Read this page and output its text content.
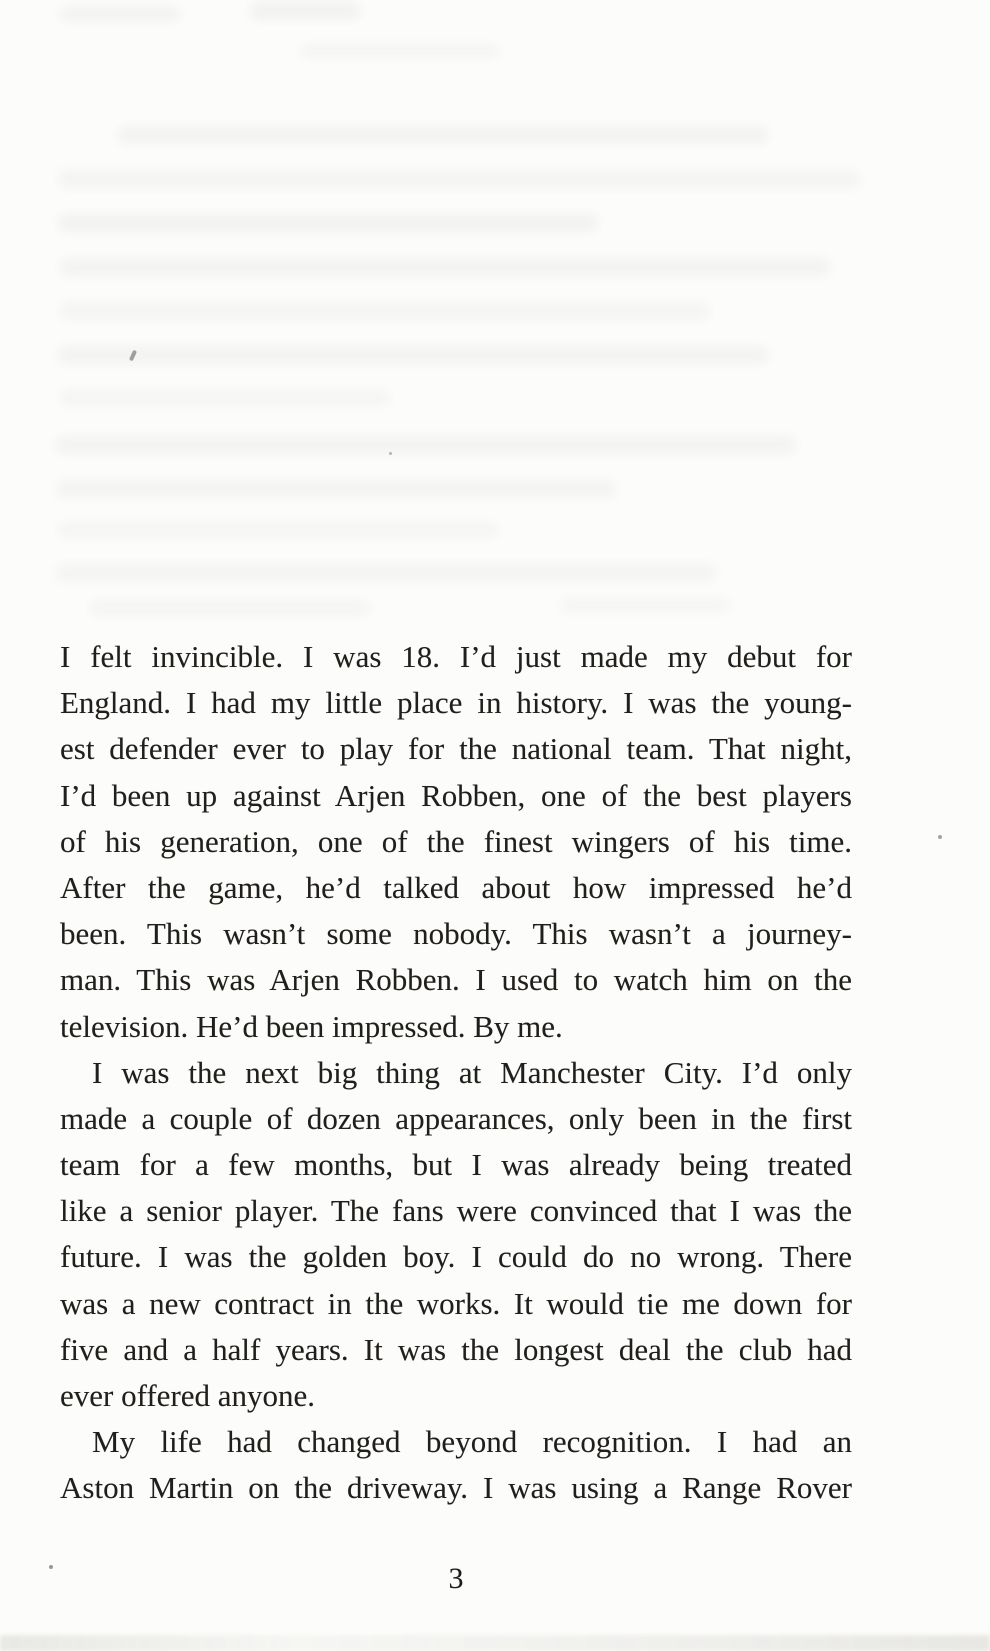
I felt invincible. I was 18. I’d just made my debut for
England. I had my little place in history. I was the young-
est defender ever to play for the national team. That night,
I’d been up against Arjen Robben, one of the best players
of his generation, one of the finest wingers of his time.
After the game, he’d talked about how impressed he’d
been. This wasn’t some nobody. This wasn’t a journey-
man. This was Arjen Robben. I used to watch him on the
television. He’d been impressed. By me.
I was the next big thing at Manchester City. I’d only
made a couple of dozen appearances, only been in the first
team for a few months, but I was already being treated
like a senior player. The fans were convinced that I was the
future. I was the golden boy. I could do no wrong. There
was a new contract in the works. It would tie me down for
five and a half years. It was the longest deal the club had
ever offered anyone.
My life had changed beyond recognition. I had an
Aston Martin on the driveway. I was using a Range Rover
3
